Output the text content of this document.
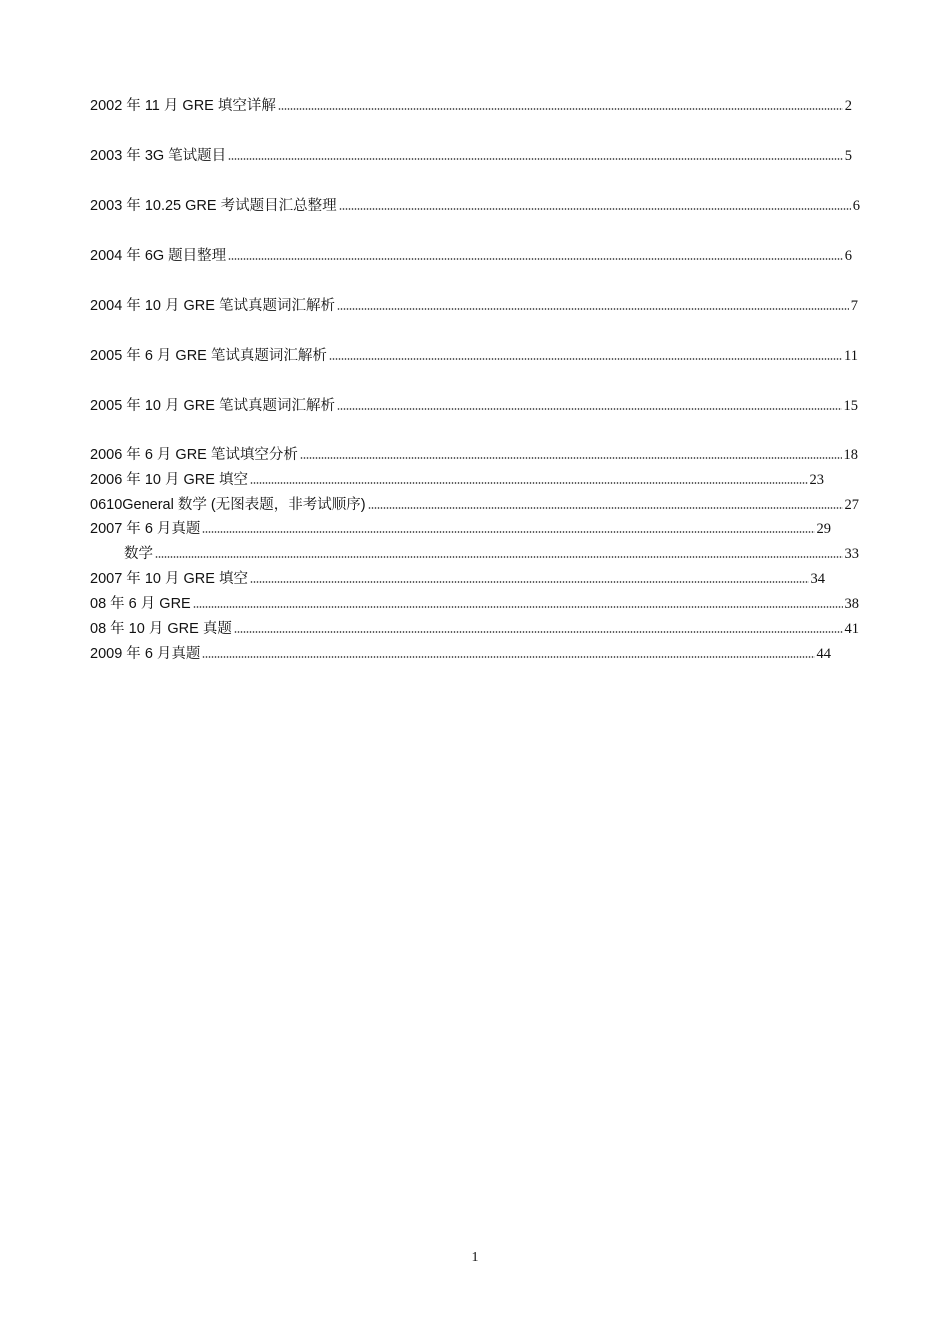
2002 年 11 月 GRE 填空详解	2
2003 年 3G 笔试题目	5
2003 年 10.25 GRE 考试题目汇总整理	6
2004 年 6G 题目整理	6
2004 年 10 月 GRE 笔试真题词汇解析	7
2005 年 6 月 GRE 笔试真题词汇解析	11
2005 年 10 月 GRE 笔试真题词汇解析	15
2006 年 6 月 GRE 笔试填空分析	18
2006 年 10 月 GRE 填空	23
0610General 数学 (无图表题，非考试顺序)	27
2007 年 6 月真题	29
数学	33
2007 年 10 月 GRE 填空	34
08 年 6 月 GRE	38
08 年 10 月 GRE 真题	41
2009 年 6 月真题	44
1
